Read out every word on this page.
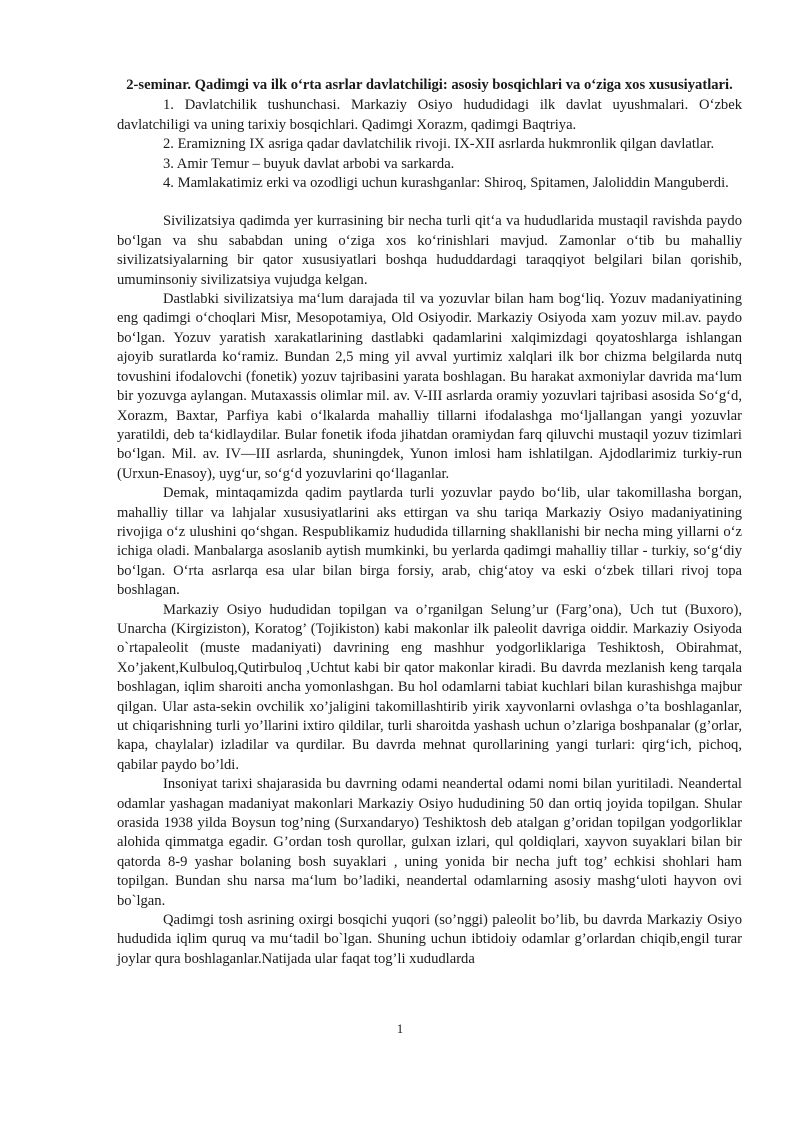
2-seminar. Qadimgi va ilk o‘rta asrlar davlatchiligi: asosiy bosqichlari va o‘ziga xos xususiyatlari.

1. Davlatchilik tushunchasi. Markaziy Osiyo hududidagi ilk davlat uyushmalari. O‘zbek davlatchiligi va uning tarixiy bosqichlari. Qadimgi Xorazm, qadimgi Baqtriya.

2. Eramizning IX asriga qadar davlatchilik rivoji. IX-XII asrlarda hukmronlik qilgan davlatlar.

3. Amir Temur – buyuk davlat arbobi va sarkarda.

4. Mamlakatimiz erki va ozodligi uchun kurashganlar: Shiroq, Spitamen, Jaloliddin Manguberdi.

Sivilizatsiya qadimda yer kurrasining bir necha turli qit‘a va hududlarida mustaqil ravishda paydo bo‘lgan va shu sababdan uning o‘ziga xos ko‘rinishlari mavjud. Zamonlar o‘tib bu mahalliy sivilizatsiyalarning bir qator xususiyatlari boshqa hududdardagi taraqqiyot belgilari bilan qorishib, umuminsoniy sivilizatsiya vujudga kelgan.

Dastlabki sivilizatsiya ma‘lum darajada til va yozuvlar bilan ham bog‘liq. Yozuv madaniyatining eng qadimgi o‘choqlari Misr, Mesopotamiya, Old Osiyodir. Markaziy Osiyoda xam yozuv mil.av. paydo bo‘lgan. Yozuv yaratish xarakatlarining dastlabki qadamlarini xalqimizdagi qoyatoshlarga ishlangan ajoyib suratlarda ko‘ramiz. Bundan 2,5 ming yil avval yurtimiz xalqlari ilk bor chizma belgilarda nutq tovushini ifodalovchi (fonetik) yozuv tajribasini yarata boshlagan. Bu harakat axmoniylar davrida ma‘lum bir yozuvga aylangan. Mutaxassis olimlar mil. av. V-III asrlarda oramiy yozuvlari tajribasi asosida So‘g‘d, Xorazm, Baxtar, Parfiya kabi o‘lkalarda mahalliy tillarni ifodalashga mo‘ljallangan yangi yozuvlar yaratildi, deb ta‘kidlaydilar. Bular fonetik ifoda jihatdan oramiydan farq qiluvchi mustaqil yozuv tizimlari bo‘lgan. Mil. av. IV—III asrlarda, shuningdek, Yunon imlosi ham ishlatilgan. Ajdodlarimiz turkiy-run (Urxun-Enasoy), uyg‘ur, so‘g‘d yozuvlarini qo‘llaganlar.

Demak, mintaqamizda qadim paytlarda turli yozuvlar paydo bo‘lib, ular takomillasha borgan, mahalliy tillar va lahjalar xususiyatlarini aks ettirgan va shu tariqa Markaziy Osiyo madaniyatining rivojiga o‘z ulushini qo‘shgan. Respublikamiz hududida tillarning shakllanishi bir necha ming yillarni o‘z ichiga oladi. Manbalarga asoslanib aytish mumkinki, bu yerlarda qadimgi mahalliy tillar - turkiy, so‘g‘diy bo‘lgan. O‘rta asrlarqa esa ular bilan birga forsiy, arab, chig‘atoy va eski o‘zbek tillari rivoj topa boshlagan.

Markaziy Osiyo hududidan topilgan va o’rganilgan Selung’ur (Farg’ona), Uch tut (Buxoro), Unarcha (Kirgiziston), Koratog’ (Tojikiston) kabi makonlar ilk paleolit davriga oiddir. Markaziy Osiyoda o`rtapaleolit (muste madaniyati) davrining eng mashhur yodgorliklariga Teshiktosh, Obirahmat, Xo’jakent,Kulbuloq,Qutirbuloq ,Uchtut kabi bir qator makonlar kiradi. Bu davrda mezlanish keng tarqala boshlagan, iqlim sharoiti ancha yomonlashgan. Bu hol odamlarni tabiat kuchlari bilan kurashishga majbur qilgan. Ular asta-sekin ovchilik xo’jaligini takomillashtirib yirik xayvonlarni ovlashga o’ta boshlaganlar, ut chiqarishning turli yo’llarini ixtiro qildilar, turli sharoitda yashash uchun o’zlariga boshpanalar (g’orlar, kapa, chaylalar) izladilar va qurdilar. Bu davrda mehnat qurollarining yangi turlari: qirg‘ich, pichoq, qabilar paydo bo’ldi.

Insoniyat tarixi shajarasida bu davrning odami neandertal odami nomi bilan yuritiladi. Neandertal odamlar yashagan madaniyat makonlari Markaziy Osiyo hududining 50 dan ortiq joyida topilgan. Shular orasida 1938 yilda Boysun tog’ning (Surxandaryo) Teshiktosh deb atalgan g’oridan topilgan yodgorliklar alohida qimmatga egadir. G’ordan tosh qurollar, gulxan izlari, qul qoldiqlari, xayvon suyaklari bilan bir qatorda 8-9 yashar bolaning bosh suyaklari , uning yonida bir necha juft tog’ echkisi shohlari ham topilgan. Bundan shu narsa ma‘lum bo’ladiki, neandertal odamlarning asosiy mashg‘uloti hayvon ovi bo`lgan.

Qadimgi tosh asrining oxirgi bosqichi yuqori (so’nggi) paleolit bo’lib, bu davrda Markaziy Osiyo hududida iqlim quruq va mu‘tadil bo`lgan. Shuning uchun ibtidoiy odamlar g’orlardan chiqib,engil turar joylar qura boshlaganlar.Natijada ular faqat tog’li xududlarda

1
